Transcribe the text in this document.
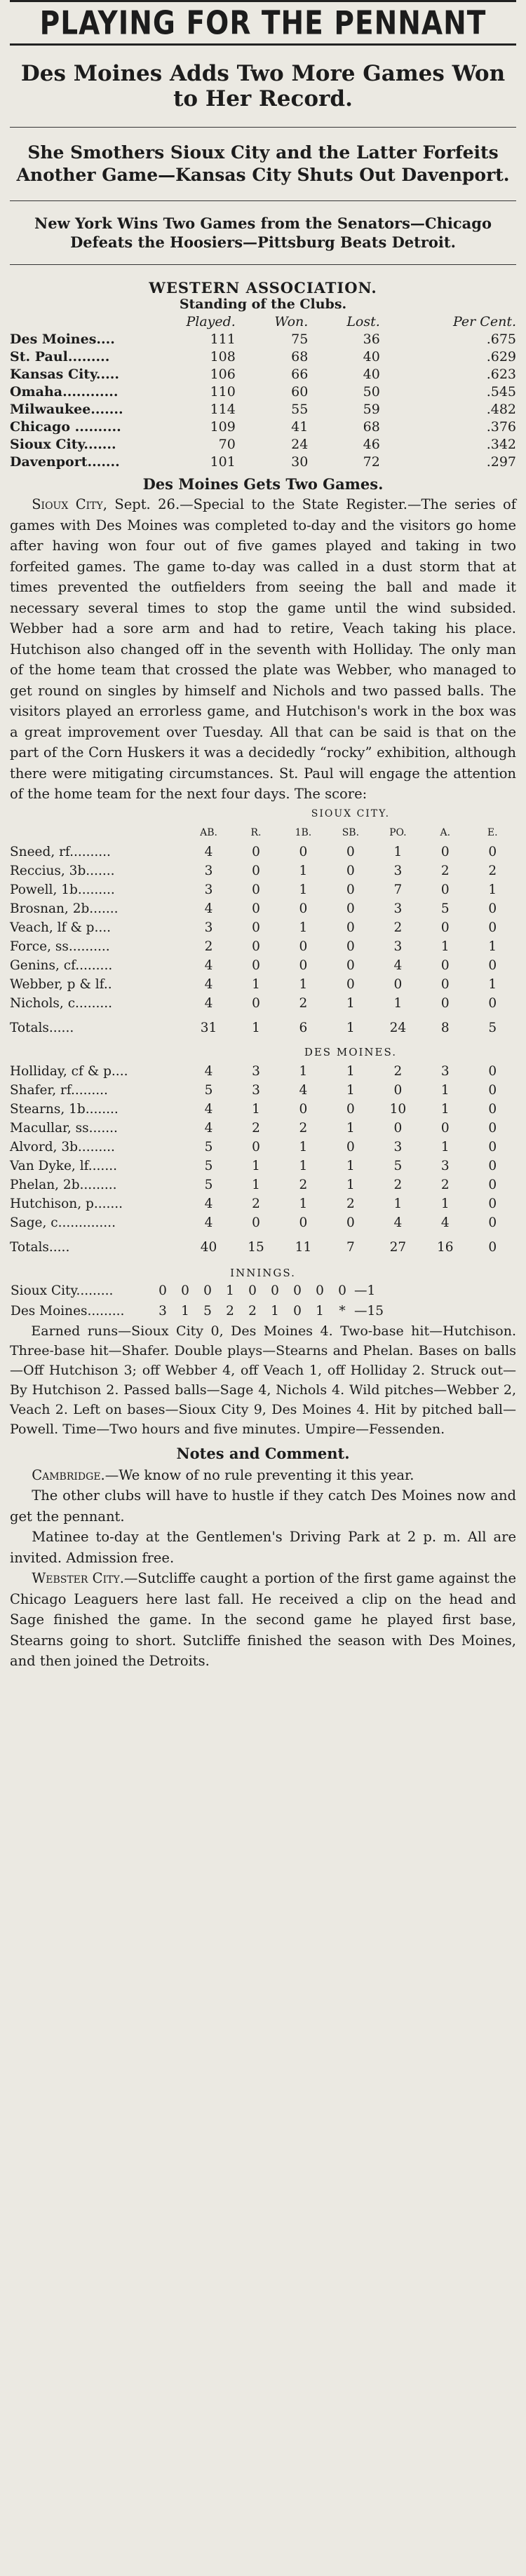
PLAYING FOR THE PENNANT
Des Moines Adds Two More Games Won to Her Record.
She Smothers Sioux City and the Latter Forfeits Another Game—Kansas City Shuts Out Davenport.
New York Wins Two Games from the Senators—Chicago Defeats the Hoosiers—Pittsburg Beats Detroit.
WESTERN ASSOCIATION.
Standing of the Clubs.
	Played.	Won.	Lost.	Per Cent.
Des Moines....	111	75	36	.675
St. Paul.........	108	68	40	.629
Kansas City.....	106	66	40	.623
Omaha............	110	60	50	.545
Milwaukee.......	114	55	59	.482
Chicago ..........	109	41	68	.376
Sioux City.......	70	24	46	.342
Davenport.......	101	30	72	.297
Des Moines Gets Two Games.

Sioux City, Sept. 26.—Special to the State Register.—The series of games with Des Moines was completed to-day and the visitors go home after having won four out of five games played and taking in two forfeited games. The game to-day was called in a dust storm that at times prevented the outfielders from seeing the ball and made it necessary several times to stop the game until the wind subsided. Webber had a sore arm and had to retire, Veach taking his place. Hutchison also changed off in the seventh with Holliday. The only man of the home team that crossed the plate was Webber, who managed to get round on singles by himself and Nichols and two passed balls. The visitors played an errorless game, and Hutchison's work in the box was a great improvement over Tuesday. All that can be said is that on the part of the Corn Huskers it was a decidedly “rocky” exhibition, although there were mitigating circumstances. St. Paul will engage the attention of the home team for the next four days. The score:

	SIOUX CITY.						
	AB.	R.	1B.	SB.	PO.	A.	E.
Sneed, rf..........	4	0	0	0	1	0	0
Reccius, 3b.......	3	0	1	0	3	2	2
Powell, 1b.........	3	0	1	0	7	0	1
Brosnan, 2b.......	4	0	0	0	3	5	0
Veach, lf & p....	3	0	1	0	2	0	0
Force, ss..........	2	0	0	0	3	1	1
Genins, cf.........	4	0	0	0	4	0	0
Webber, p & lf..	4	1	1	0	0	0	1
Nichols, c.........	4	0	2	1	1	0	0
Totals......	31	1	6	1	24	8	5
	DES MOINES.						
Holliday, cf & p....	4	3	1	1	2	3	0
Shafer, rf.........	5	3	4	1	0	1	0
Stearns, 1b........	4	1	0	0	10	1	0
Macullar, ss.......	4	2	2	1	0	0	0
Alvord, 3b.........	5	0	1	0	3	1	0
Van Dyke, lf.......	5	1	1	1	5	3	0
Phelan, 2b.........	5	1	2	1	2	2	0
Hutchison, p.......	4	2	1	2	1	1	0
Sage, c..............	4	0	0	0	4	4	0
Totals.....	40	15	11	7	27	16	0
INNINGS.
Sioux City.........	0	0	0	1	0	0	0	0	0	—1
Des Moines.........	3	1	5	2	2	1	0	1	*	—15

Earned runs—Sioux City 0, Des Moines 4. Two-base hit—Hutchison. Three-base hit—Shafer. Double plays—Stearns and Phelan. Bases on balls—Off Hutchison 3; off Webber 4, off Veach 1, off Holliday 2. Struck out—By Hutchison 2. Passed balls—Sage 4, Nichols 4. Wild pitches—Webber 2, Veach 2. Left on bases—Sioux City 9, Des Moines 4. Hit by pitched ball—Powell. Time—Two hours and five minutes. Umpire—Fessenden.

Notes and Comment.

Cambridge.—We know of no rule preventing it this year.

The other clubs will have to hustle if they catch Des Moines now and get the pennant.

Matinee to-day at the Gentlemen's Driving Park at 2 p. m. All are invited. Admission free.

Webster City.—Sutcliffe caught a portion of the first game against the Chicago Leaguers here last fall. He received a clip on the head and Sage finished the game. In the second game he played first base, Stearns going to short. Sutcliffe finished the season with Des Moines, and then joined the Detroits.
